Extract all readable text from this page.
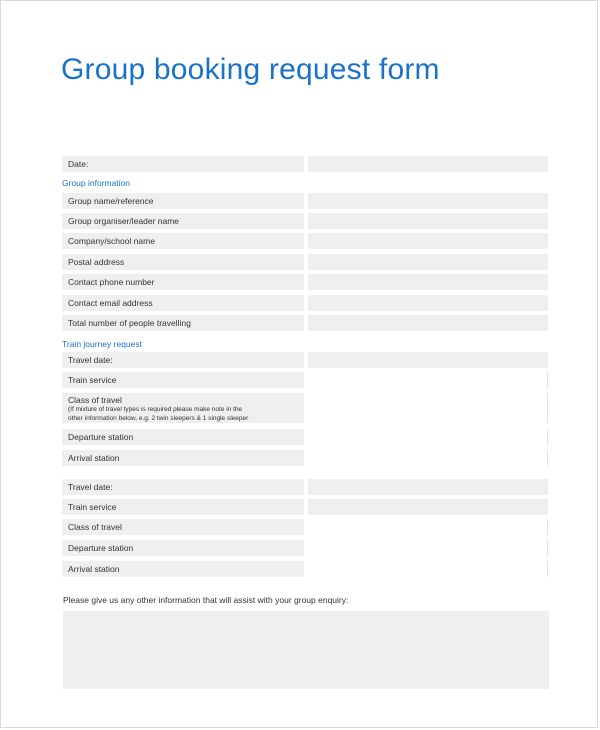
Group booking request form
Date:
Group information
Group name/reference
Group organiser/leader name
Company/school name
Postal address
Contact phone number
Contact email address
Total number of people travelling
Train journey request
Travel date:
Train service
Class of travel
(If mixture of travel types is required please make note in the
other information below, e.g. 2 twin sleepers & 1 single sleeper
Departure station
Arrival station
Travel date:
Train service
Class of travel
Departure station
Arrival station
Please give us any other information that will assist with your group enquiry:
